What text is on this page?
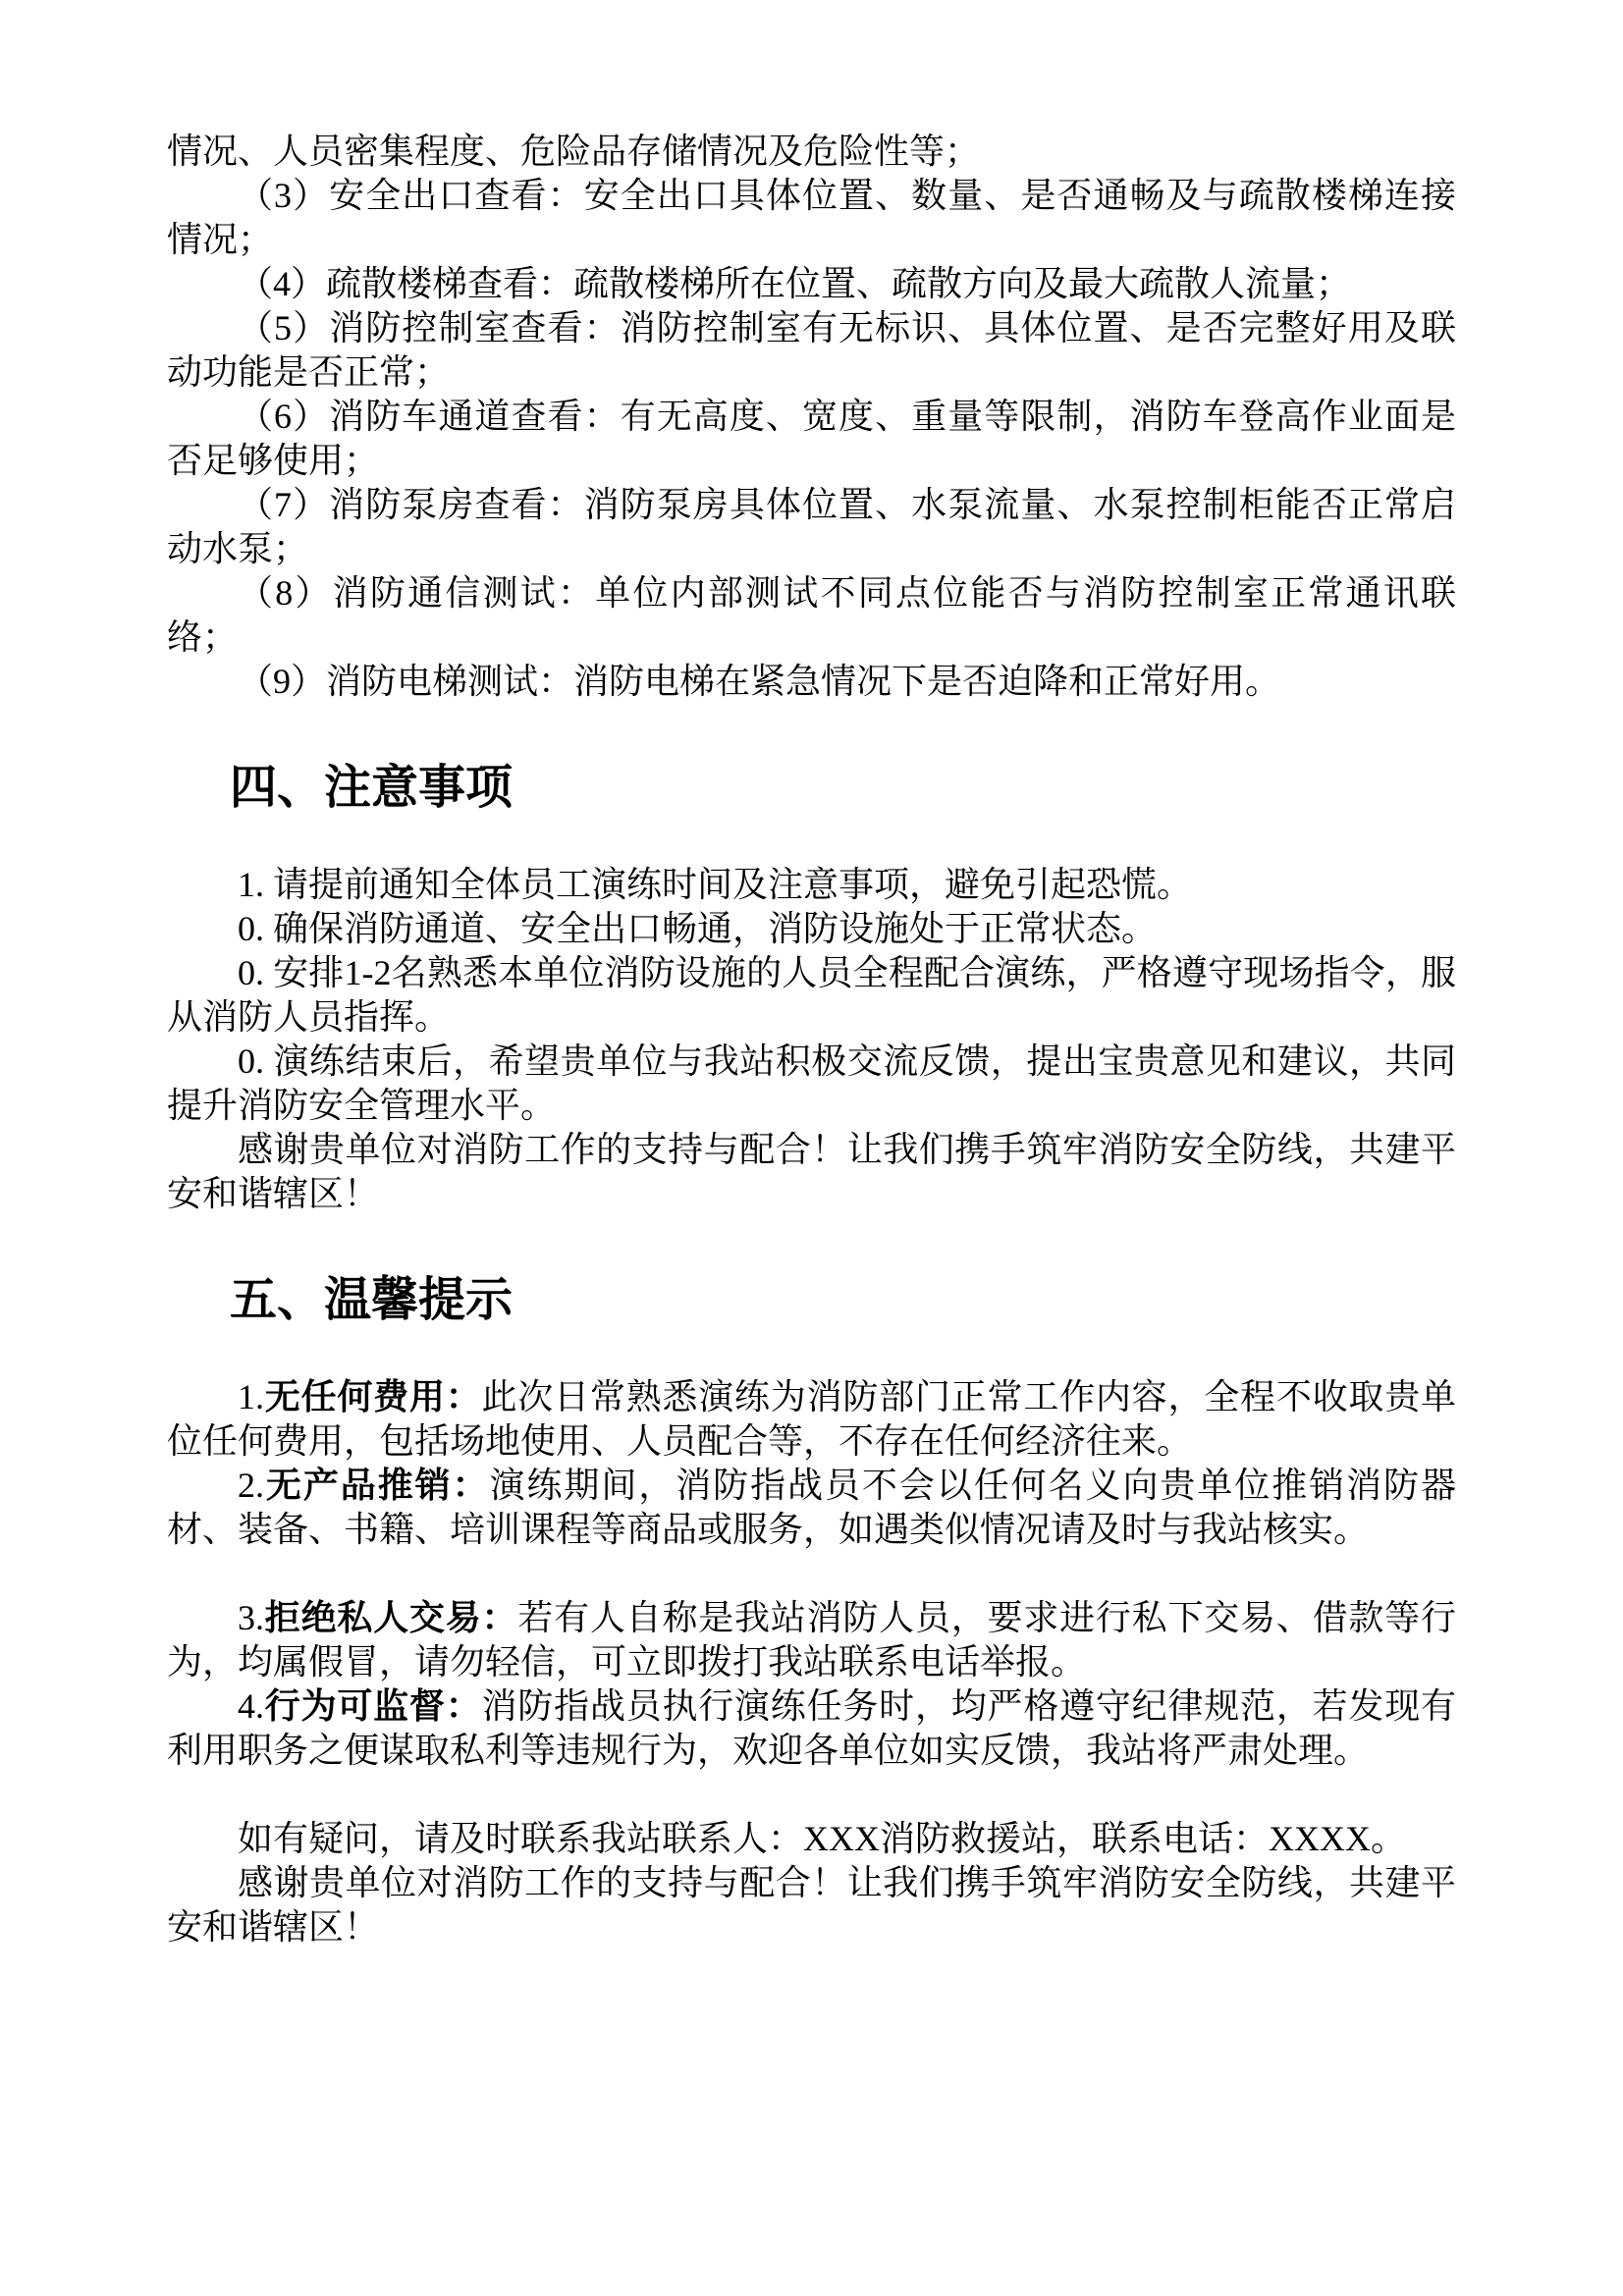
情况、人员密集程度、危险品存储情况及危险性等；

（3）安全出口查看：安全出口具体位置、数量、是否通畅及与疏散楼梯连接情况；

（4）疏散楼梯查看：疏散楼梯所在位置、疏散方向及最大疏散人流量；

（5）消防控制室查看：消防控制室有无标识、具体位置、是否完整好用及联动功能是否正常；

（6）消防车通道查看：有无高度、宽度、重量等限制，消防车登高作业面是否足够使用；

（7）消防泵房查看：消防泵房具体位置、水泵流量、水泵控制柜能否正常启动水泵；

（8）消防通信测试：单位内部测试不同点位能否与消防控制室正常通讯联络；

（9）消防电梯测试：消防电梯在紧急情况下是否迫降和正常好用。

四、注意事项

1. 请提前通知全体员工演练时间及注意事项，避免引起恐慌。

0. 确保消防通道、安全出口畅通，消防设施处于正常状态。

0. 安排1-2名熟悉本单位消防设施的人员全程配合演练，严格遵守现场指令，服从消防人员指挥。

0. 演练结束后，希望贵单位与我站积极交流反馈，提出宝贵意见和建议，共同提升消防安全管理水平。

感谢贵单位对消防工作的支持与配合！让我们携手筑牢消防安全防线，共建平安和谐辖区！

五、温馨提示

1.无任何费用：此次日常熟悉演练为消防部门正常工作内容，全程不收取贵单位任何费用，包括场地使用、人员配合等，不存在任何经济往来。

2.无产品推销：演练期间，消防指战员不会以任何名义向贵单位推销消防器材、装备、书籍、培训课程等商品或服务，如遇类似情况请及时与我站核实。

3.拒绝私人交易：若有人自称是我站消防人员，要求进行私下交易、借款等行为，均属假冒，请勿轻信，可立即拨打我站联系电话举报。

4.行为可监督：消防指战员执行演练任务时，均严格遵守纪律规范，若发现有利用职务之便谋取私利等违规行为，欢迎各单位如实反馈，我站将严肃处理。

如有疑问，请及时联系我站联系人：XXX消防救援站，联系电话：XXXX。

感谢贵单位对消防工作的支持与配合！让我们携手筑牢消防安全防线，共建平安和谐辖区！
